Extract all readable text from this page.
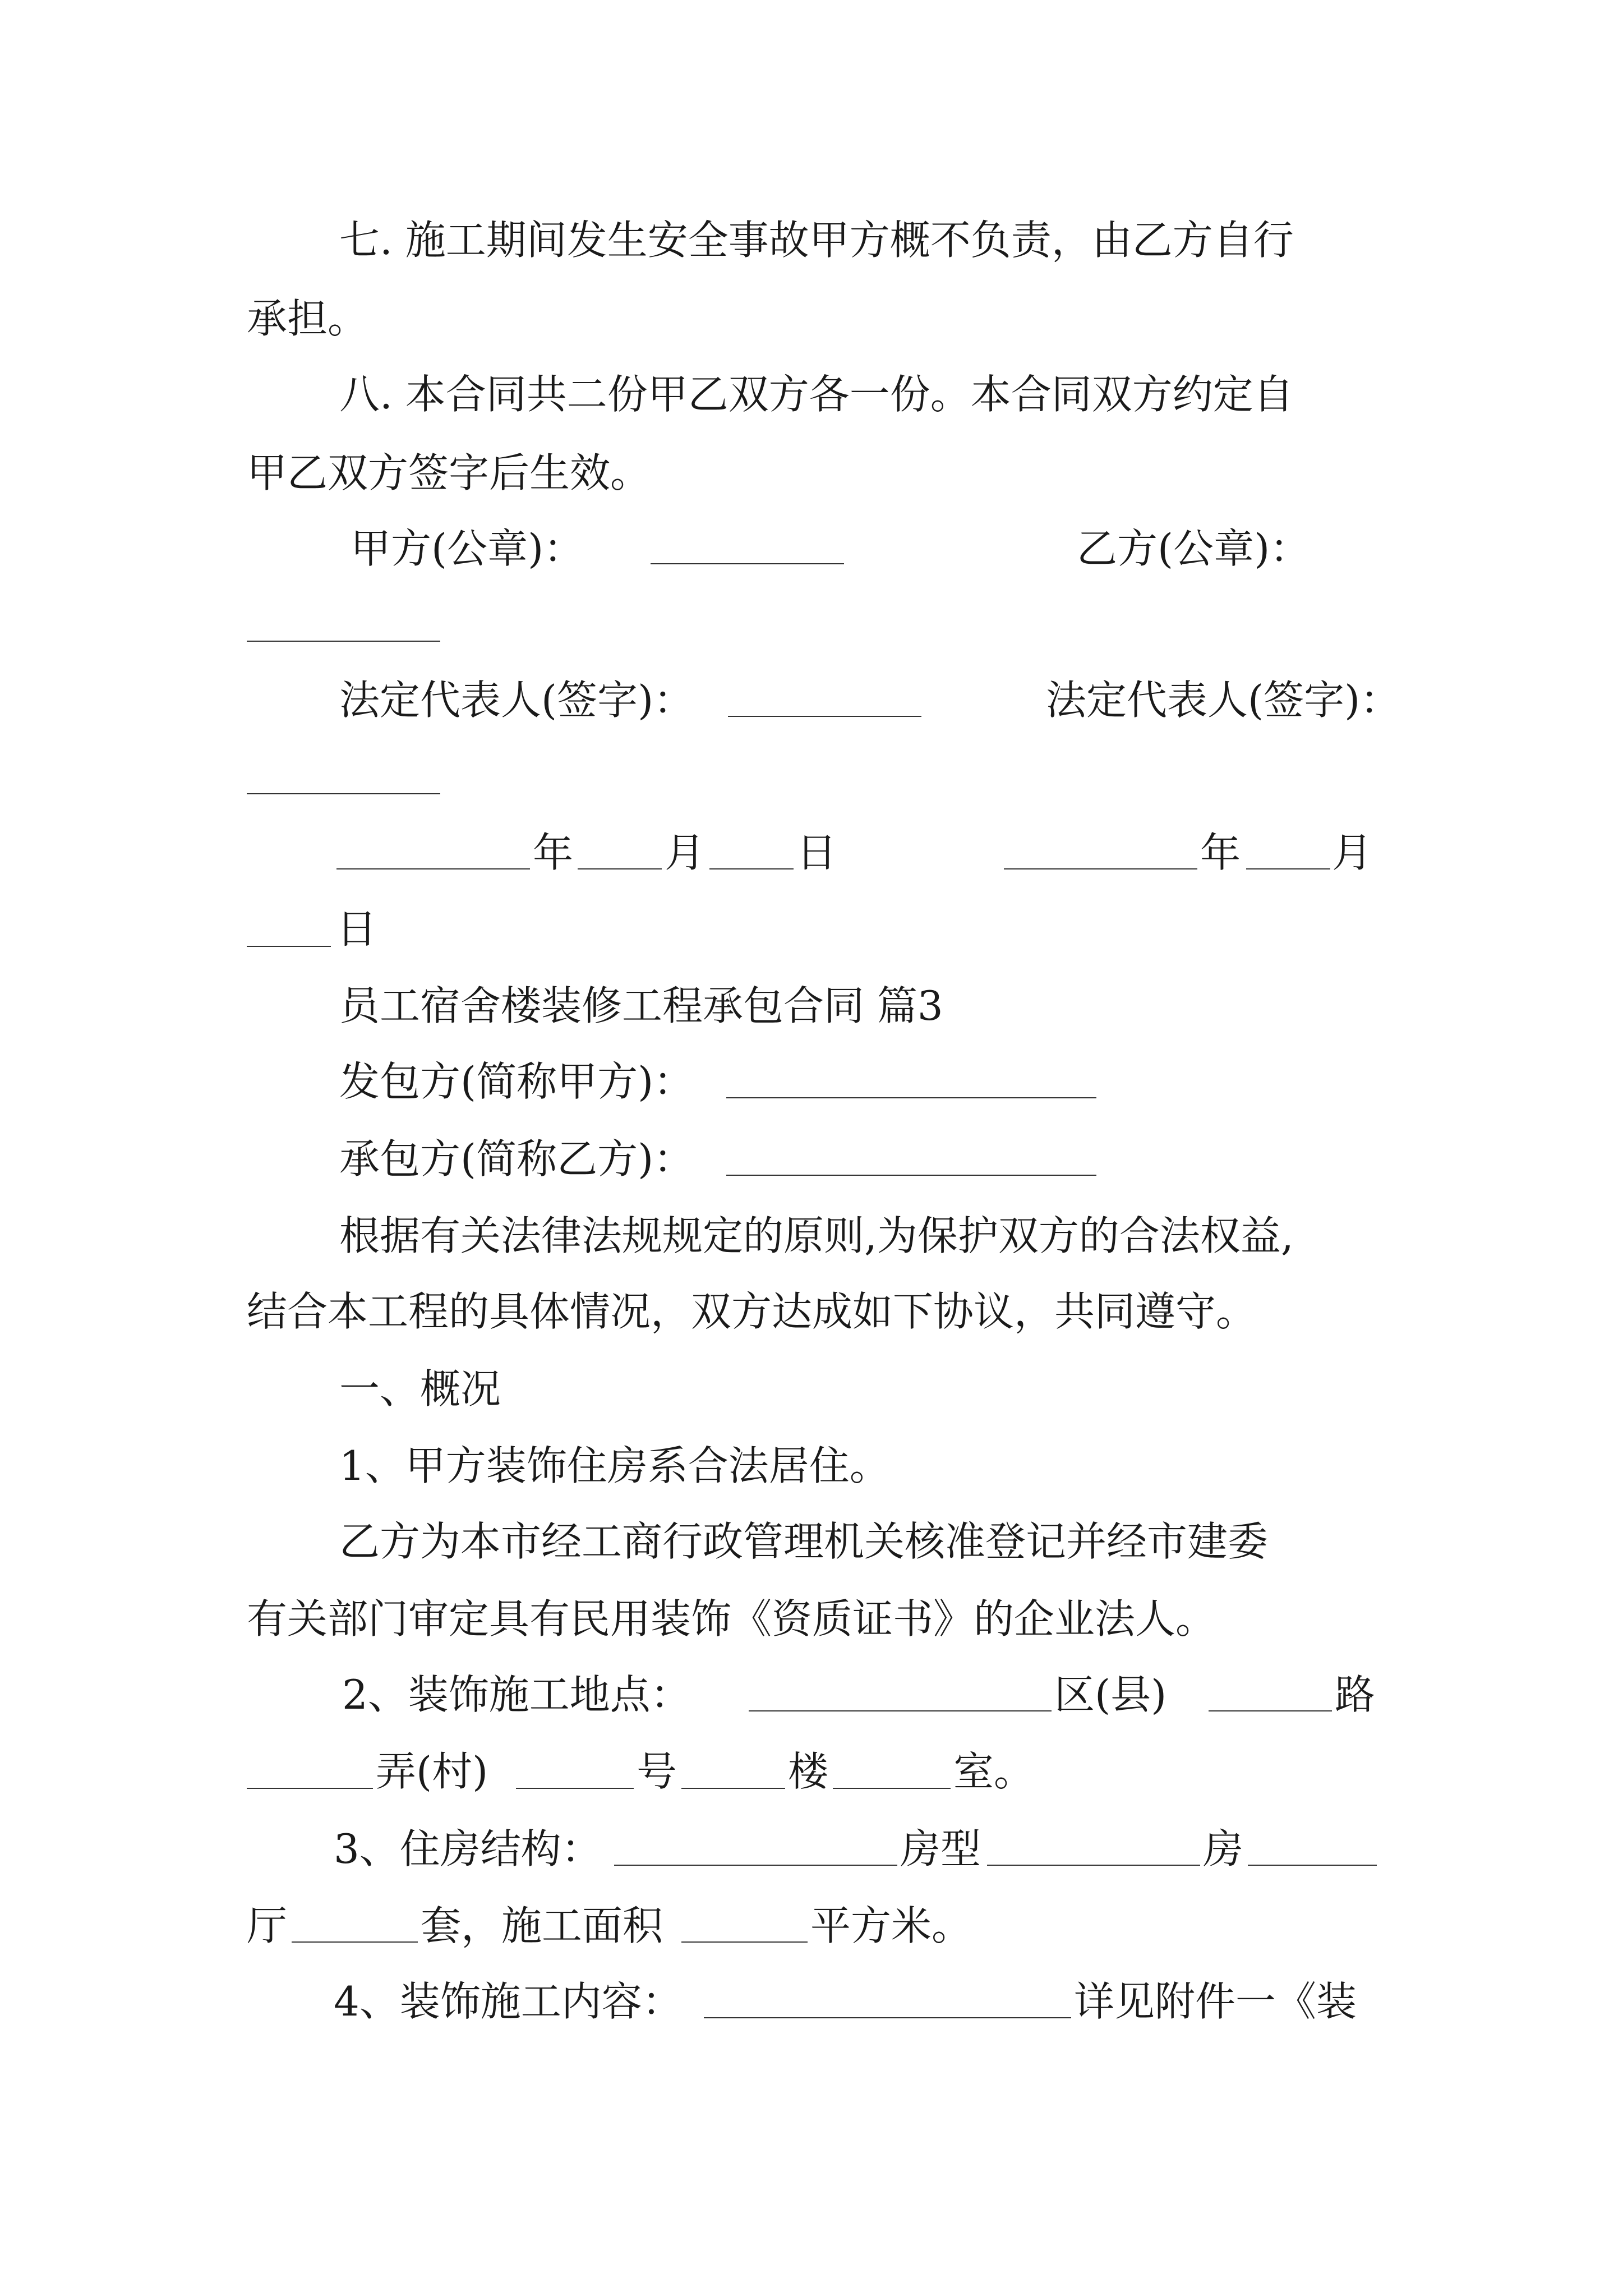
七. 施工期间发生安全事故甲方概不负责，由乙方自行
承担。
八. 本合同共二份甲乙双方各一份。本合同双方约定自
甲乙双方签字后生效。
甲方(公章)：	乙方(公章)：
法定代表人(签字)：	法定代表人(签字)：
年 月 日	年 月
日
员工宿舍楼装修工程承包合同 篇3
发包方(简称甲方)：
承包方(简称乙方)：
根据有关法律法规规定的原则,为保护双方的合法权益,
结合本工程的具体情况，双方达成如下协议，共同遵守。
一、概况
1、甲方装饰住房系合法居住。
乙方为本市经工商行政管理机关核准登记并经市建委
有关部门审定具有民用装饰《资质证书》的企业法人。
2、装饰施工地点：	区(县)	路
弄(村)	号	楼	室。
3、住房结构：	房型	房
厅	套，施工面积	平方米。
4、装饰施工内容：	详见附件一《装
